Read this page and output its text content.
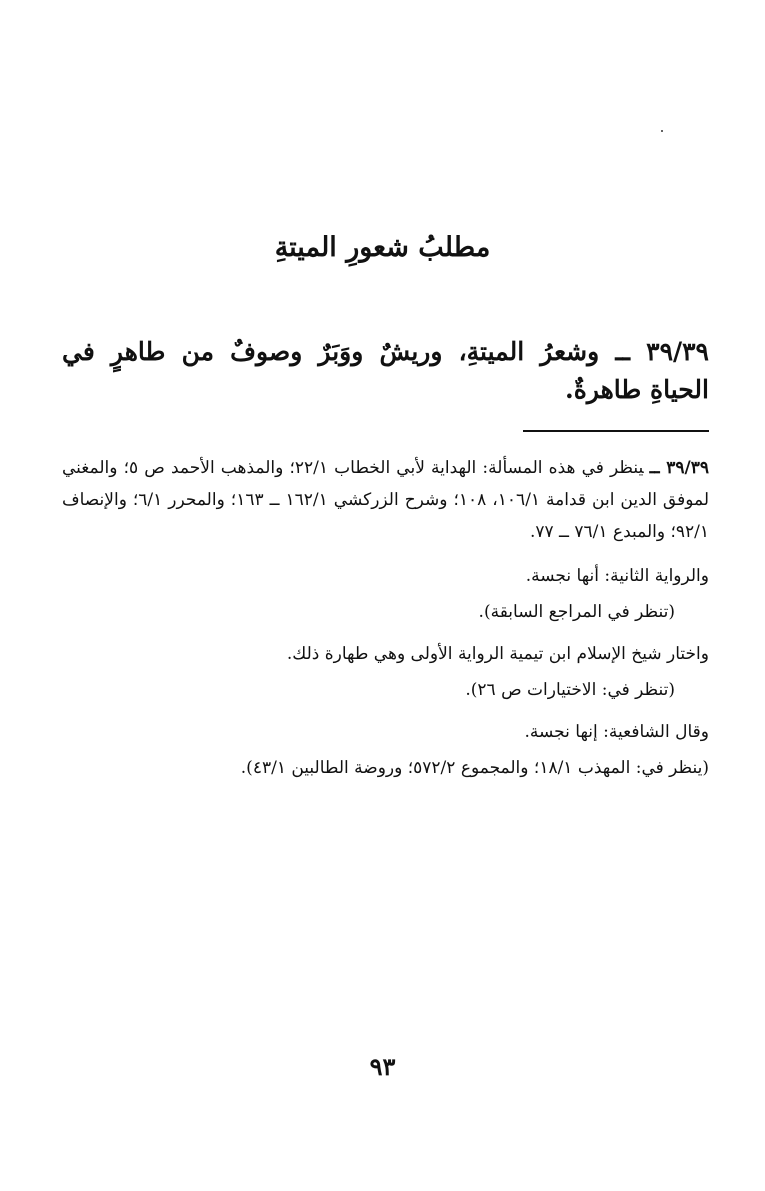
مطلبُ شعورِ الميتةِ
٣٩/٣٩ ــ وشعرُ الميتةِ، وريشٌ ووَبَرٌ وصوفٌ من طاهرٍ في الحياةِ طاهرةٌ.

٣٩/٣٩ ــينظر في هذه المسألة: الهداية لأبي الخطاب ٢٢/١؛ والمذهب الأحمد ص ٥؛ والمغني لموفق الدين ابن قدامة ١٠٦/١، ١٠٨؛ وشرح الزركشي ١٦٢/١ ــ ١٦٣؛ والمحرر ٦/١؛ والإنصاف ٩٢/١؛ والمبدع ٧٦/١ ــ ٧٧.

والرواية الثانية: أنها نجسة.

(تنظر في المراجع السابقة).

واختار شيخ الإسلام ابن تيمية الرواية الأولى وهي طهارة ذلك.

(تنظر في: الاختيارات ص ٢٦).

وقال الشافعية: إنها نجسة.

(ينظر في: المهذب ١٨/١؛ والمجموع ٥٧٢/٢؛ وروضة الطالبين ٤٣/١).

٩٣
